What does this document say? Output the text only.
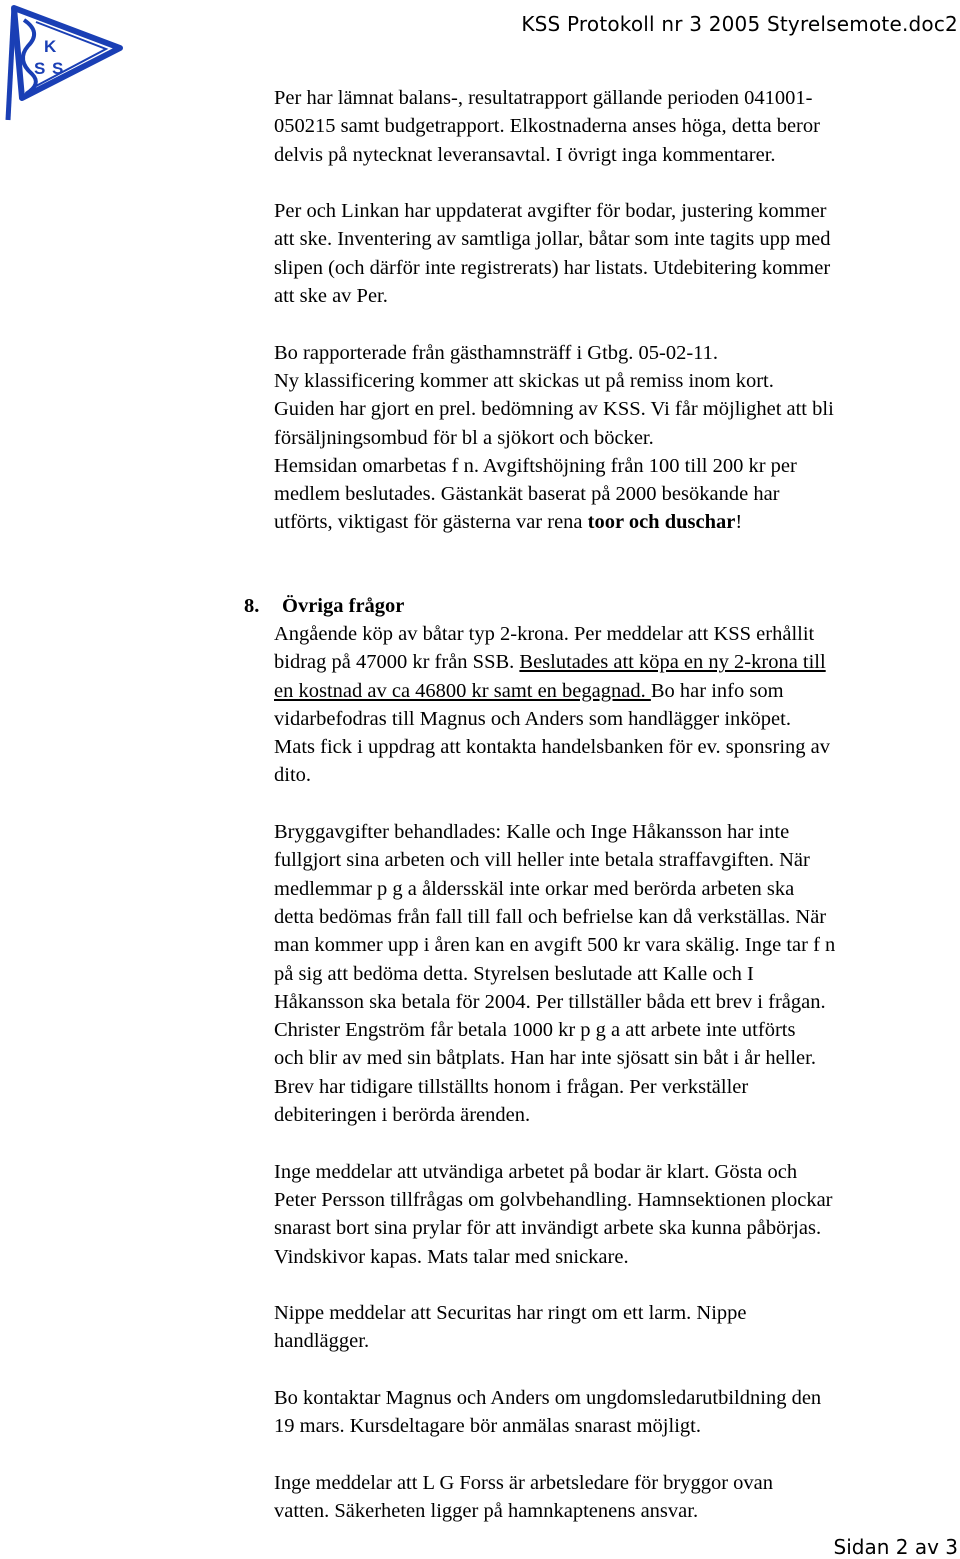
K
S S
KSS Protokoll nr 3 2005 Styrelsemote.doc2
Per har lämnat balans-, resultatrapport gällande perioden 041001-
050215 samt budgetrapport. Elkostnaderna anses höga, detta beror
delvis på nytecknat leveransavtal. I övrigt inga kommentarer.
Per och Linkan har uppdaterat avgifter för bodar, justering kommer
att ske. Inventering av samtliga jollar, båtar som inte tagits upp med
slipen (och därför inte registrerats) har listats. Utdebitering kommer
att ske av Per.
Bo rapporterade från gästhamnsträff i Gtbg. 05-02-11.
Ny klassificering kommer att skickas ut på remiss inom kort.
Guiden har gjort en prel. bedömning av KSS. Vi får möjlighet att bli
försäljningsombud för bl a sjökort och böcker.
Hemsidan omarbetas f n. Avgiftshöjning från 100 till 200 kr per
medlem beslutades. Gästankät baserat på 2000 besökande har
utförts, viktigast för gästerna var rena toor och duschar!
8. Övriga frågor
Angående köp av båtar typ 2-krona. Per meddelar att KSS erhållit
bidrag på 47000 kr från SSB. Beslutades att köpa en ny 2-krona till
en kostnad av ca 46800 kr samt en begagnad. Bo har info som
vidarbefodras till Magnus och Anders som handlägger inköpet.
Mats fick i uppdrag att kontakta handelsbanken för ev. sponsring av
dito.
Bryggavgifter behandlades: Kalle och Inge Håkansson har inte
fullgjort sina arbeten och vill heller inte betala straffavgiften. När
medlemmar p g a åldersskäl inte orkar med berörda arbeten ska
detta bedömas från fall till fall och befrielse kan då verkställas. När
man kommer upp i åren kan en avgift 500 kr vara skälig. Inge tar f n
på sig att bedöma detta. Styrelsen beslutade att Kalle och I
Håkansson ska betala för 2004. Per tillställer båda ett brev i frågan.
Christer Engström får betala 1000 kr p g a att arbete inte utförts
och blir av med sin båtplats. Han har inte sjösatt sin båt i år heller.
Brev har tidigare tillställts honom i frågan. Per verkställer
debiteringen i berörda ärenden.
Inge meddelar att utvändiga arbetet på bodar är klart. Gösta och
Peter Persson tillfrågas om golvbehandling. Hamnsektionen plockar
snarast bort sina prylar för att invändigt arbete ska kunna påbörjas.
Vindskivor kapas. Mats talar med snickare.
Nippe meddelar att Securitas har ringt om ett larm. Nippe
handlägger.
Bo kontaktar Magnus och Anders om ungdomsledarutbildning den
19 mars. Kursdeltagare bör anmälas snarast möjligt.
Inge meddelar att L G Forss är arbetsledare för bryggor ovan
vatten. Säkerheten ligger på hamnkaptenens ansvar.
Sidan 2 av 3
